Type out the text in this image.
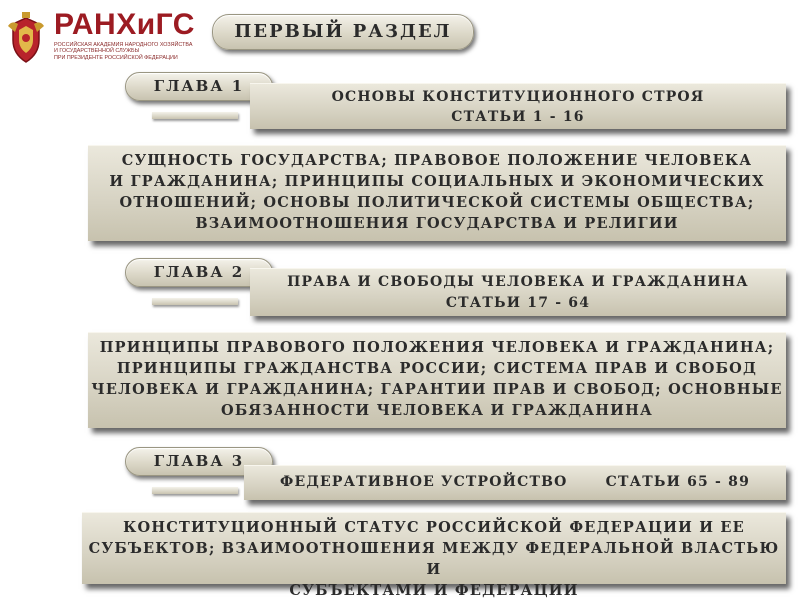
РАНХиГС
РОССИЙСКАЯ АКАДЕМИЯ НАРОДНОГО ХОЗЯЙСТВА
И ГОСУДАРСТВЕННОЙ СЛУЖБЫ
ПРИ ПРЕЗИДЕНТЕ РОССИЙСКОЙ ФЕДЕРАЦИИ
ПЕРВЫЙ РАЗДЕЛ
ГЛАВА 1
ОСНОВЫ КОНСТИТУЦИОННОГО СТРОЯ
СТАТЬИ 1 - 16
СУЩНОСТЬ ГОСУДАРСТВА; ПРАВОВОЕ ПОЛОЖЕНИЕ ЧЕЛОВЕКА
И ГРАЖДАНИНА; ПРИНЦИПЫ СОЦИАЛЬНЫХ И ЭКОНОМИЧЕСКИХ
ОТНОШЕНИЙ; ОСНОВЫ ПОЛИТИЧЕСКОЙ СИСТЕМЫ ОБЩЕСТВА;
ВЗАИМООТНОШЕНИЯ ГОСУДАРСТВА И РЕЛИГИИ
ГЛАВА 2
ПРАВА И СВОБОДЫ ЧЕЛОВЕКА И ГРАЖДАНИНА
СТАТЬИ 17 - 64
ПРИНЦИПЫ ПРАВОВОГО ПОЛОЖЕНИЯ ЧЕЛОВЕКА И ГРАЖДАНИНА;
ПРИНЦИПЫ ГРАЖДАНСТВА РОССИИ; СИСТЕМА ПРАВ И СВОБОД
ЧЕЛОВЕКА И ГРАЖДАНИНА; ГАРАНТИИ ПРАВ И СВОБОД; ОСНОВНЫЕ
ОБЯЗАННОСТИ ЧЕЛОВЕКА И ГРАЖДАНИНА
ГЛАВА 3
ФЕДЕРАТИВНОЕ УСТРОЙСТВО	СТАТЬИ 65 - 89
КОНСТИТУЦИОННЫЙ СТАТУС РОССИЙСКОЙ ФЕДЕРАЦИИ И ЕЕ
СУБЪЕКТОВ; ВЗАИМООТНОШЕНИЯ МЕЖДУ ФЕДЕРАЛЬНОЙ ВЛАСТЬЮ И
СУБЪЕКТАМИ И ФЕДЕРАЦИИ
